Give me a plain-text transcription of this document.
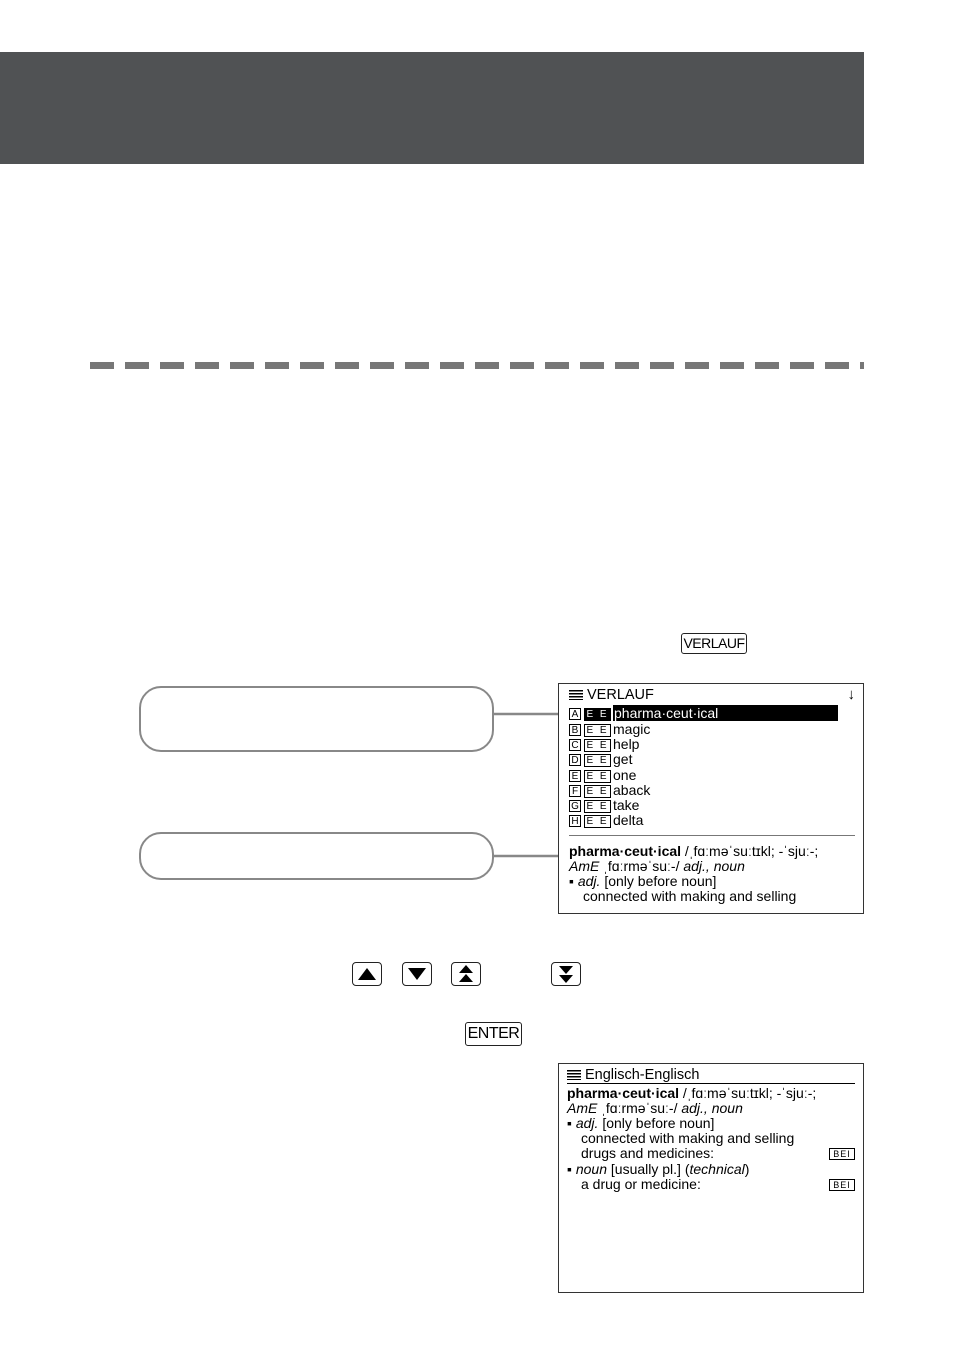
VERLAUF
VERLAUF	↓
A E E pharma·ceut·ical
B E E magic
C E E help
D E E get
E E E one
F E E aback
G E E take
H E E delta
pharma·ceut·ical /ˌfɑːməˈsuːtɪkl; -ˈsjuː-;
AmE ˌfɑːrməˈsuː-/ adj., noun
▪ adj. [only before noun]
connected with making and selling
ENTER
Englisch-Englisch
pharma·ceut·ical /ˌfɑːməˈsuːtɪkl; -ˈsjuː-;
AmE ˌfɑːrməˈsuː-/ adj., noun
▪ adj. [only before noun]
connected with making and selling
drugs and medicines:	BEI
▪ noun [usually pl.] (technical)
a drug or medicine:	BEI
